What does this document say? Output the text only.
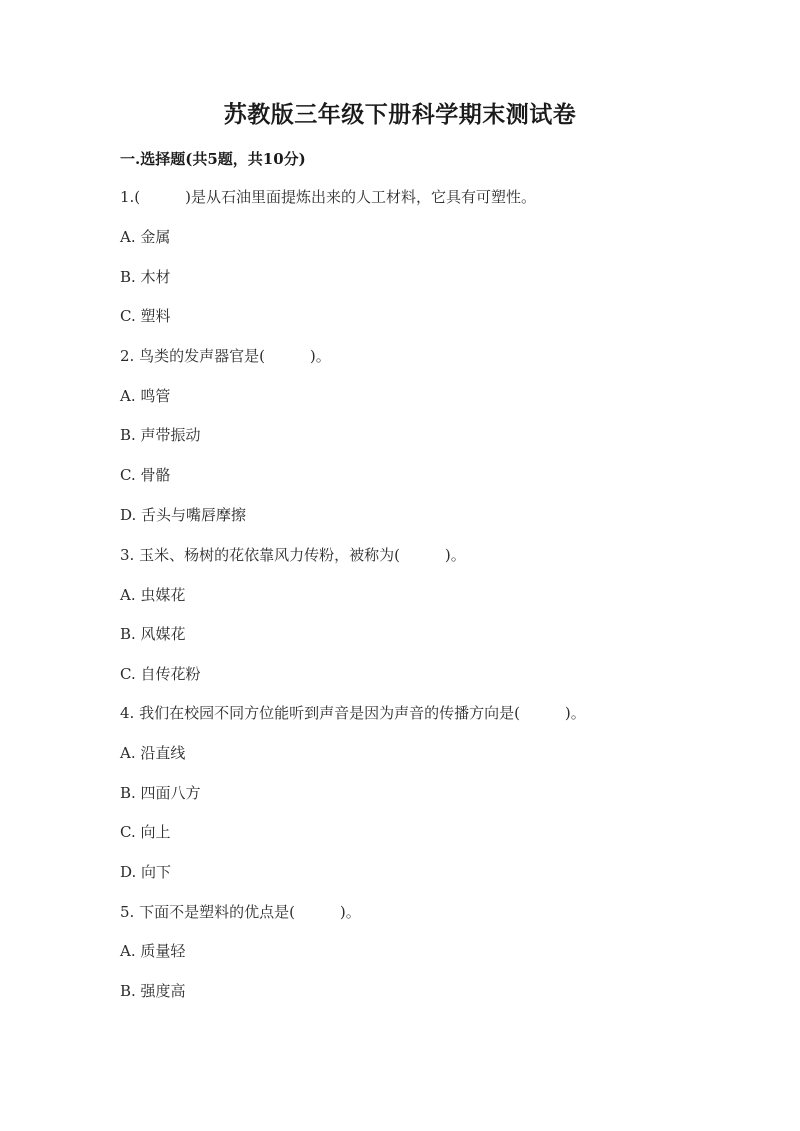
苏教版三年级下册科学期末测试卷
一.选择题(共5题，共10分)
1.(　　　)是从石油里面提炼出来的人工材料，它具有可塑性。
A. 金属
B. 木材
C. 塑料
2. 鸟类的发声器官是(　　　)。
A. 鸣管
B. 声带振动
C. 骨骼
D. 舌头与嘴唇摩擦
3. 玉米、杨树的花依靠风力传粉，被称为(　　　)。
A. 虫媒花
B. 风媒花
C. 自传花粉
4. 我们在校园不同方位能听到声音是因为声音的传播方向是(　　　)。
A. 沿直线
B. 四面八方
C. 向上
D. 向下
5. 下面不是塑料的优点是(　　　)。
A. 质量轻
B. 强度高
